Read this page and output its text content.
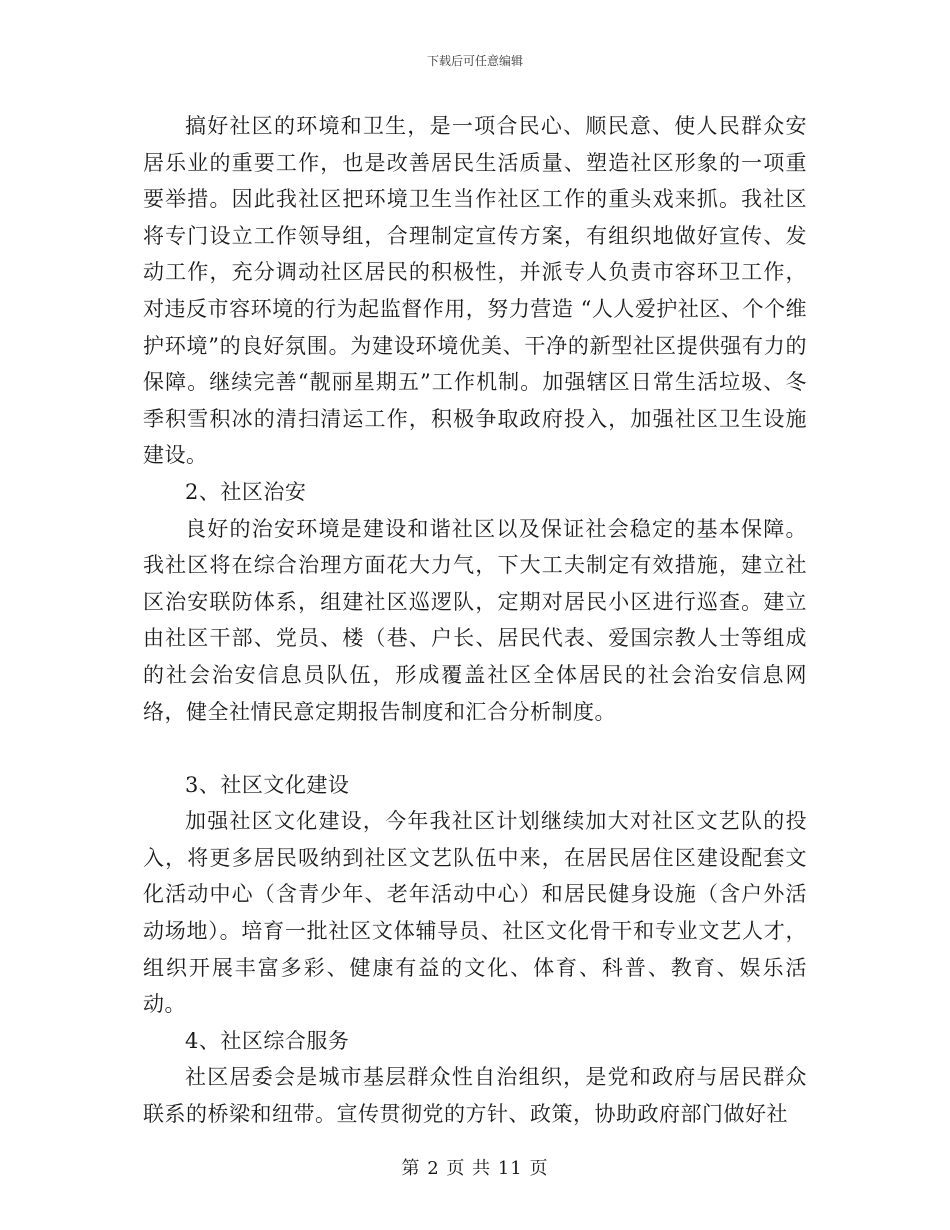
下载后可任意编辑

搞好社区的环境和卫生，是一项合民心、顺民意、使人民群众安居乐业的重要工作，也是改善居民生活质量、塑造社区形象的一项重要举措。因此我社区把环境卫生当作社区工作的重头戏来抓。我社区将专门设立工作领导组，合理制定宣传方案，有组织地做好宣传、发动工作，充分调动社区居民的积极性，并派专人负责市容环卫工作，对违反市容环境的行为起监督作用，努力营造 “人人爱护社区、个个维护环境”的良好氛围。为建设环境优美、干净的新型社区提供强有力的保障。继续完善“靓丽星期五”工作机制。加强辖区日常生活垃圾、冬季积雪积冰的清扫清运工作，积极争取政府投入，加强社区卫生设施建设。

2、社区治安

良好的治安环境是建设和谐社区以及保证社会稳定的基本保障。我社区将在综合治理方面花大力气，下大工夫制定有效措施，建立社区治安联防体系，组建社区巡逻队，定期对居民小区进行巡查。建立由社区干部、党员、楼（巷、户长、居民代表、爱国宗教人士等组成的社会治安信息员队伍，形成覆盖社区全体居民的社会治安信息网络，健全社情民意定期报告制度和汇合分析制度。

3、社区文化建设

加强社区文化建设，今年我社区计划继续加大对社区文艺队的投入，将更多居民吸纳到社区文艺队伍中来，在居民居住区建设配套文化活动中心（含青少年、老年活动中心）和居民健身设施（含户外活动场地）。培育一批社区文体辅导员、社区文化骨干和专业文艺人才，组织开展丰富多彩、健康有益的文化、体育、科普、教育、娱乐活动。

4、社区综合服务

社区居委会是城市基层群众性自治组织，是党和政府与居民群众联系的桥梁和纽带。宣传贯彻党的方针、政策，协助政府部门做好社

第 2 页 共 11 页
